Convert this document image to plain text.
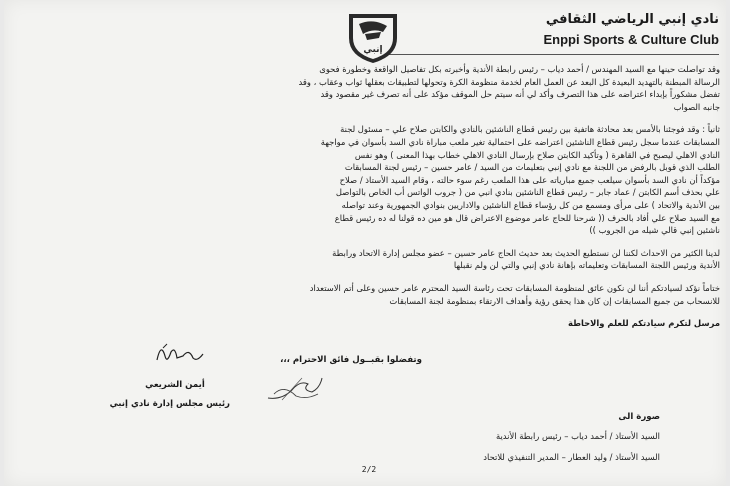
نادي إنبي الرياضي الثقافي
Enppi Sports & Culture Club
إنبي
وقد تواصلت حينها مع السيد المهندس / أحمد دياب – رئيس رابطة الأندية وأخبرته بكل تفاصيل الواقعة وخطورة فحوى
الرسالة المبطنة بالتهديد البعيدة كل البعد عن العمل العام لخدمة منظومة الكرة وتحولها لتطبيقات بعقلها ثواب وعقاب ، وقد
تفضل مشكوراً بإبداء اعتراضه على هذا التصرف وأكد لي أنه سيتم حل الموقف مؤكد على أنه تصرف غير مقصود وقد
جانبه الصواب
ثانياً : وقد فوجئنا بالأمس بعد محادثة هاتفية بين رئيس قطاع الناشئين بالنادي والكابتن صلاح علي – مسئول لجنة
المسابقات عندما سجل رئيس قطاع الناشئين اعتراضه على احتمالية تغير ملعب مباراة نادي السد بأسوان في مواجهة
النادي الاهلي ليصبح في القاهرة ( وتأكيد الكابتن صلاح بإرسال النادي الاهلي خطاب بهذا المعنى ) وهو نفس
الطلب الذي قوبل بالرفض من اللجنة مع نادي إنبي بتعليمات من السيد / عامر حسين – رئيس لجنة المسابقات
مؤكداً أن نادي السد بأسوان سيلعب جميع مبارياته على هذا الملعب رغم سوء حالته ، وقام السيد الأستاذ / صلاح
علي بحذف أسم الكابتن / عماد جابر – رئيس قطاع الناشئين بنادي انبي من ( جروب الواتس أب الخاص بالتواصل
بين الأندية والاتحاد ) على مرأى ومسمع من كل رؤساء قطاع الناشئين والاداريين بنوادي الجمهورية وعند تواصله
مع السيد صلاح علي أفاد بالحرف (( شرحنا للحاج عامر موضوع الاعتراض قال هو مين ده قولنا له ده رئيس قطاع
ناشئين إنبي قالي شيله من الجروب ))
لدينا الكثير من الاحداث لكننا لن نستطيع الحديث بعد حديث الحاج عامر حسين – عضو مجلس إدارة الاتحاد ورابطة
الأندية ورئيس اللجنة المسابقات وتعليماته بإهانة نادي إنبي والتي لن ولم نقبلها
ختاماً نؤكد لسيادتكم أننا لن نكون عائق لمنظومة المسابقات تحت رئاسة السيد المحترم عامر حسين وعلى أتم الاستعداد
للانسحاب من جميع المسابقات إن كان هذا يحقق رؤية وأهداف الارتقاء بمنظومة لجنة المسابقات
مرسل لتكرم سيادتكم للعلم والاحاطة
وتفضلوا بقبــول فائق الاحترام ،،،
أيمن الشريعي
رئيس مجلس إدارة نادي إنبي
صورة الى
السيد الأستاذ / أحمد دياب – رئيس رابطة الأندية
السيد الأستاذ / وليد العطار – المدير التنفيذي للاتحاد
2/2
